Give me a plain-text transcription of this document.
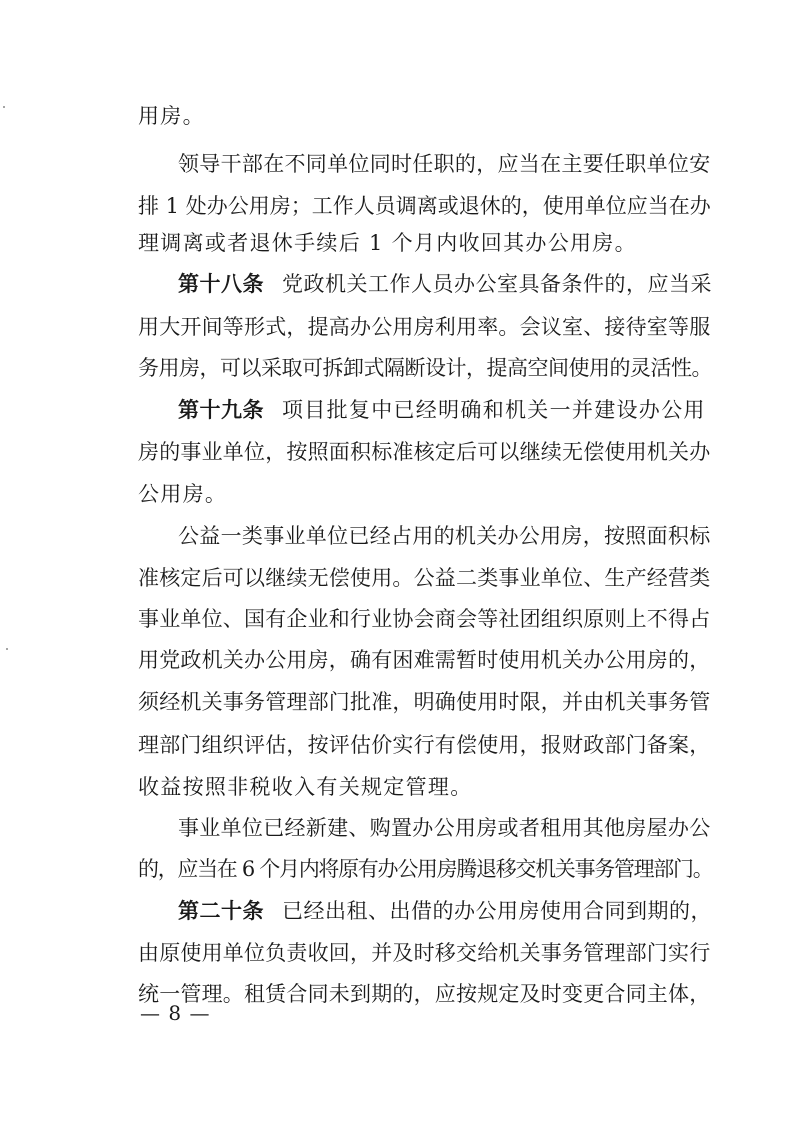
用房。
领导干部在不同单位同时任职的，应当在主要任职单位安
排 1 处办公用房；工作人员调离或退休的，使用单位应当在办
理调离或者退休手续后 1 个月内收回其办公用房。
第十八条 党政机关工作人员办公室具备条件的，应当采
用大开间等形式，提高办公用房利用率。会议室、接待室等服
务用房，可以采取可拆卸式隔断设计，提高空间使用的灵活性。
第十九条 项目批复中已经明确和机关一并建设办公用
房的事业单位，按照面积标准核定后可以继续无偿使用机关办
公用房。
公益一类事业单位已经占用的机关办公用房，按照面积标
准核定后可以继续无偿使用。公益二类事业单位、生产经营类
事业单位、国有企业和行业协会商会等社团组织原则上不得占
用党政机关办公用房，确有困难需暂时使用机关办公用房的，
须经机关事务管理部门批准，明确使用时限，并由机关事务管
理部门组织评估，按评估价实行有偿使用，报财政部门备案，
收益按照非税收入有关规定管理。
事业单位已经新建、购置办公用房或者租用其他房屋办公
的，应当在 6 个月内将原有办公用房腾退移交机关事务管理部门。
第二十条 已经出租、出借的办公用房使用合同到期的，
由原使用单位负责收回，并及时移交给机关事务管理部门实行
统一管理。租赁合同未到期的，应按规定及时变更合同主体，
— 8 —
